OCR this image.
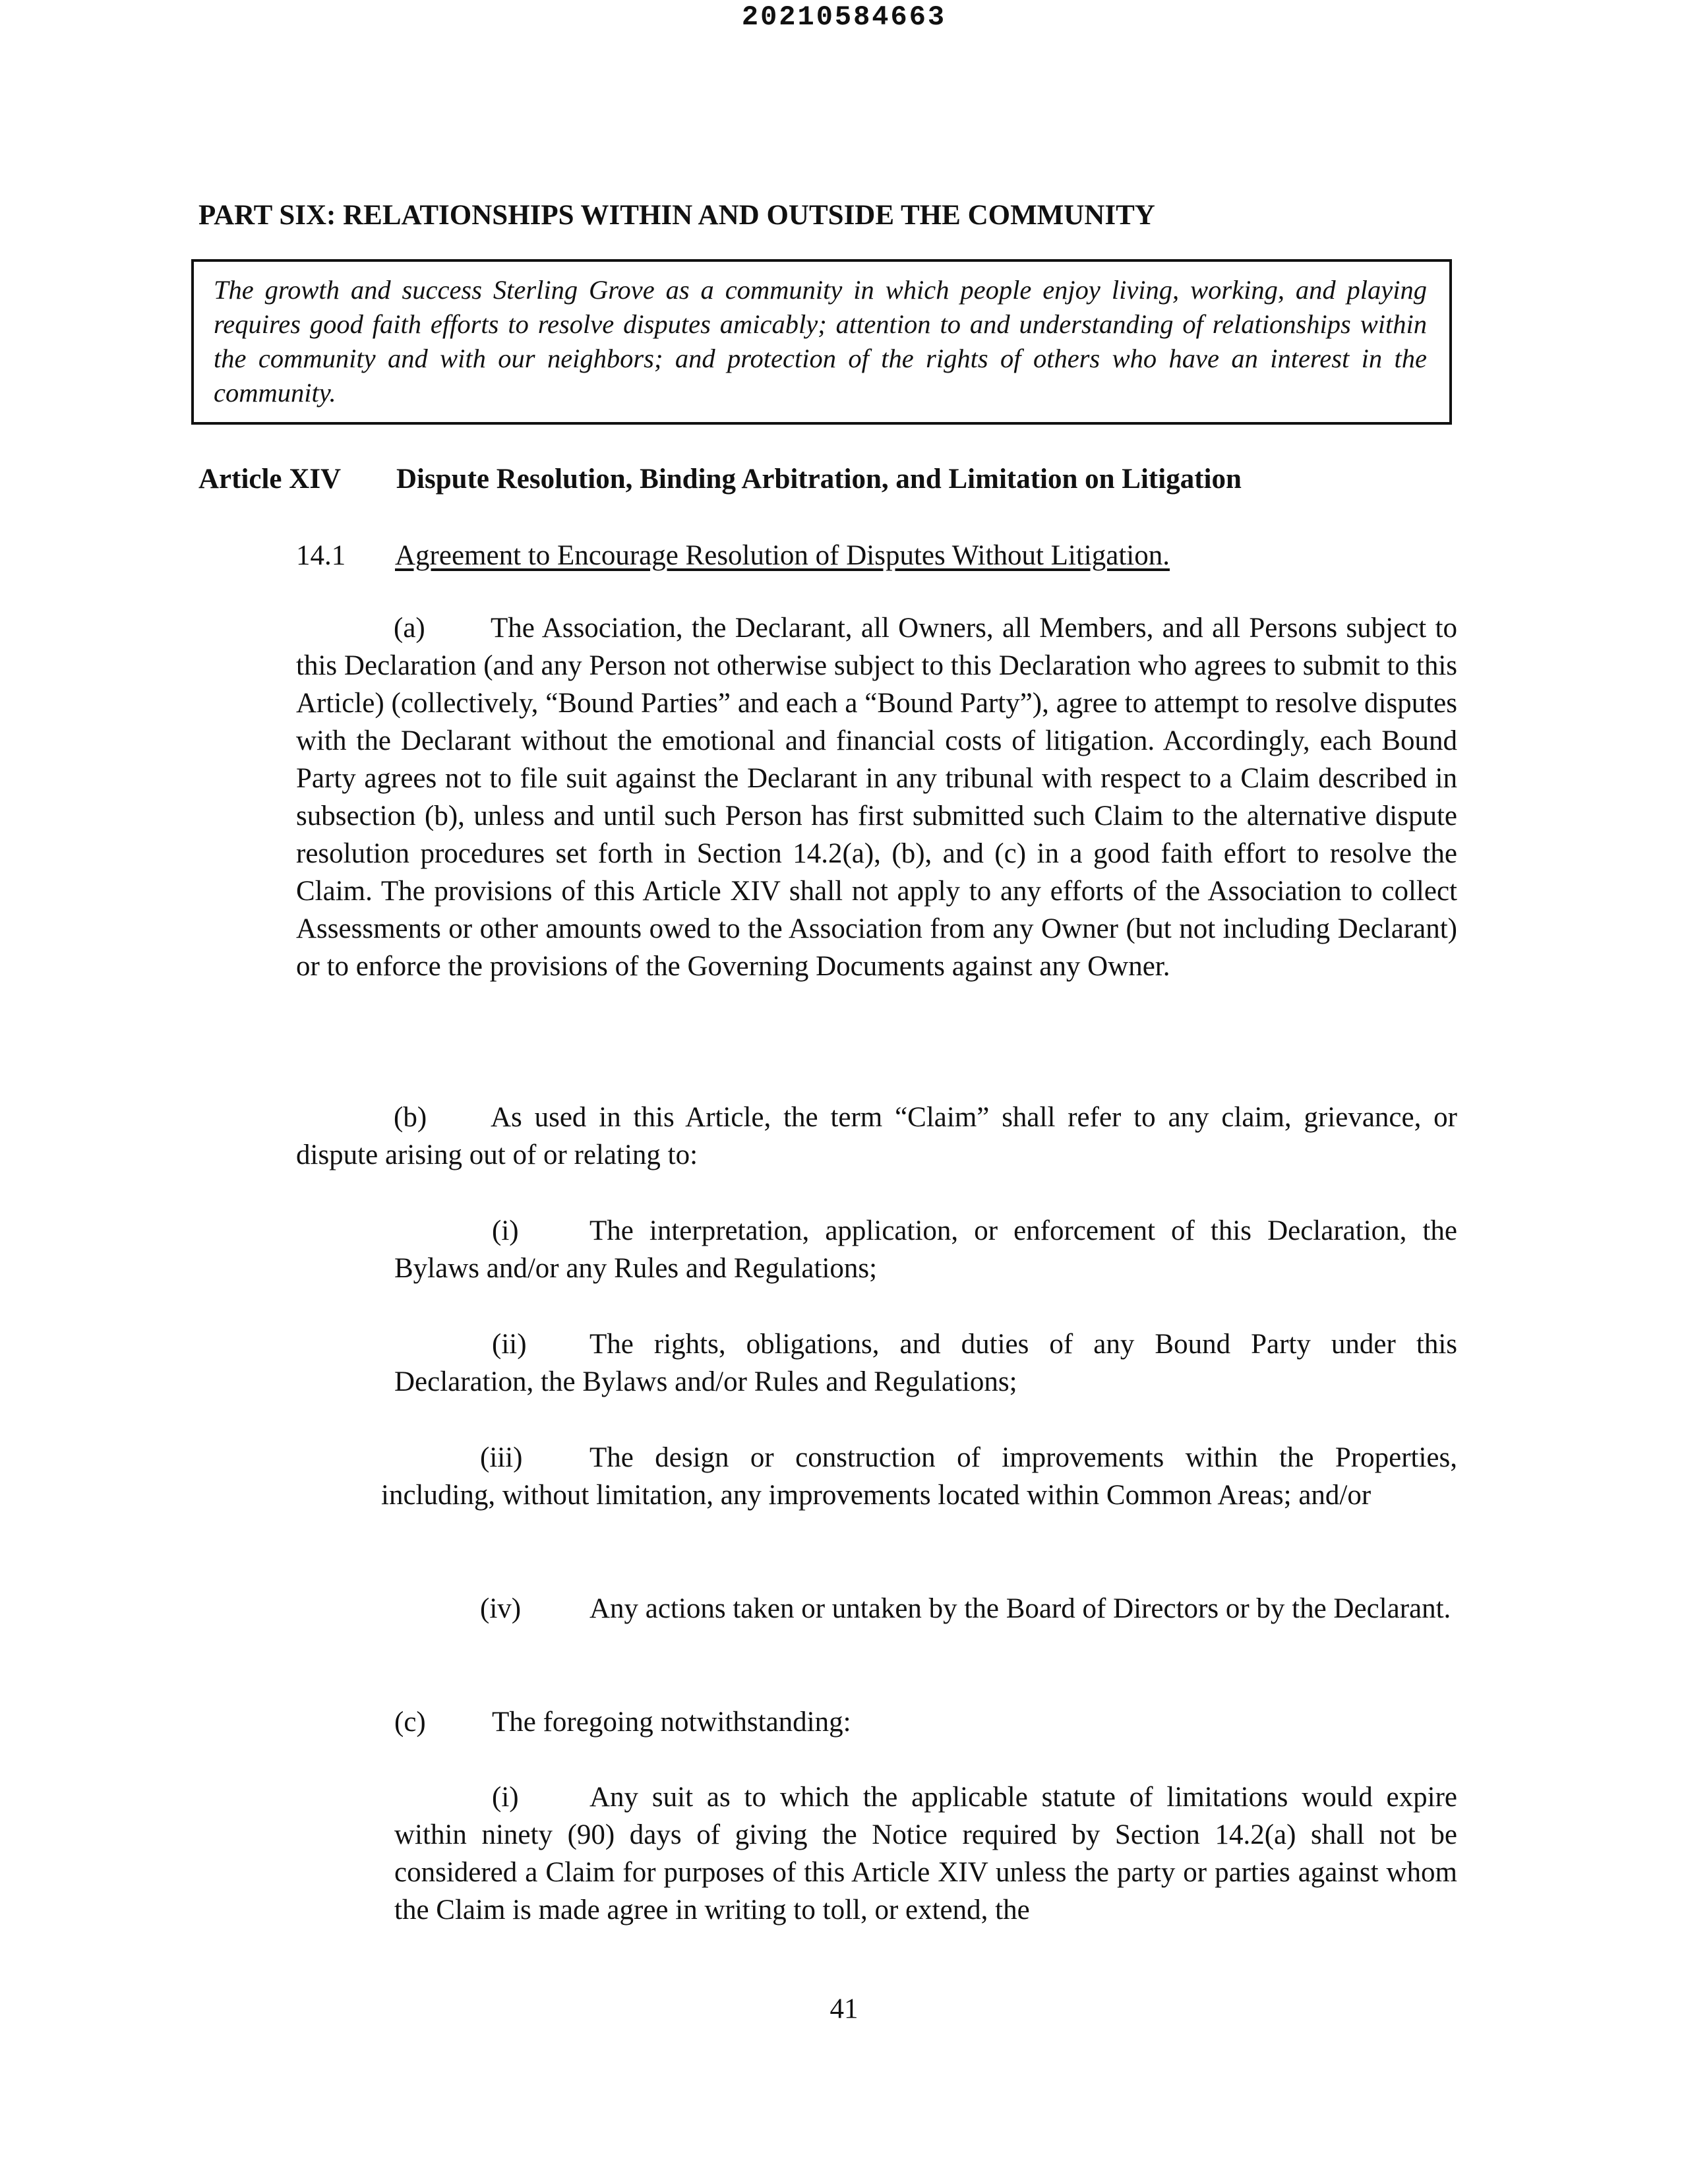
20210584663
PART SIX: RELATIONSHIPS WITHIN AND OUTSIDE THE COMMUNITY
The growth and success Sterling Grove as a community in which people enjoy living, working, and playing requires good faith efforts to resolve disputes amicably; attention to and understanding of relationships within the community and with our neighbors; and protection of the rights of others who have an interest in the community.
Article XIV Dispute Resolution, Binding Arbitration, and Limitation on Litigation
14.1 Agreement to Encourage Resolution of Disputes Without Litigation.
(a) The Association, the Declarant, all Owners, all Members, and all Persons subject to this Declaration (and any Person not otherwise subject to this Declaration who agrees to submit to this Article) (collectively, “Bound Parties” and each a “Bound Party”), agree to attempt to resolve disputes with the Declarant without the emotional and financial costs of litigation. Accordingly, each Bound Party agrees not to file suit against the Declarant in any tribunal with respect to a Claim described in subsection (b), unless and until such Person has first submitted such Claim to the alternative dispute resolution procedures set forth in Section 14.2(a), (b), and (c) in a good faith effort to resolve the Claim. The provisions of this Article XIV shall not apply to any efforts of the Association to collect Assessments or other amounts owed to the Association from any Owner (but not including Declarant) or to enforce the provisions of the Governing Documents against any Owner.
(b) As used in this Article, the term “Claim” shall refer to any claim, grievance, or dispute arising out of or relating to:
(i) The interpretation, application, or enforcement of this Declaration, the Bylaws and/or any Rules and Regulations;
(ii) The rights, obligations, and duties of any Bound Party under this Declaration, the Bylaws and/or Rules and Regulations;
(iii) The design or construction of improvements within the Properties, including, without limitation, any improvements located within Common Areas; and/or
(iv) Any actions taken or untaken by the Board of Directors or by the Declarant.
(c) The foregoing notwithstanding:
(i) Any suit as to which the applicable statute of limitations would expire within ninety (90) days of giving the Notice required by Section 14.2(a) shall not be considered a Claim for purposes of this Article XIV unless the party or parties against whom the Claim is made agree in writing to toll, or extend, the
41
